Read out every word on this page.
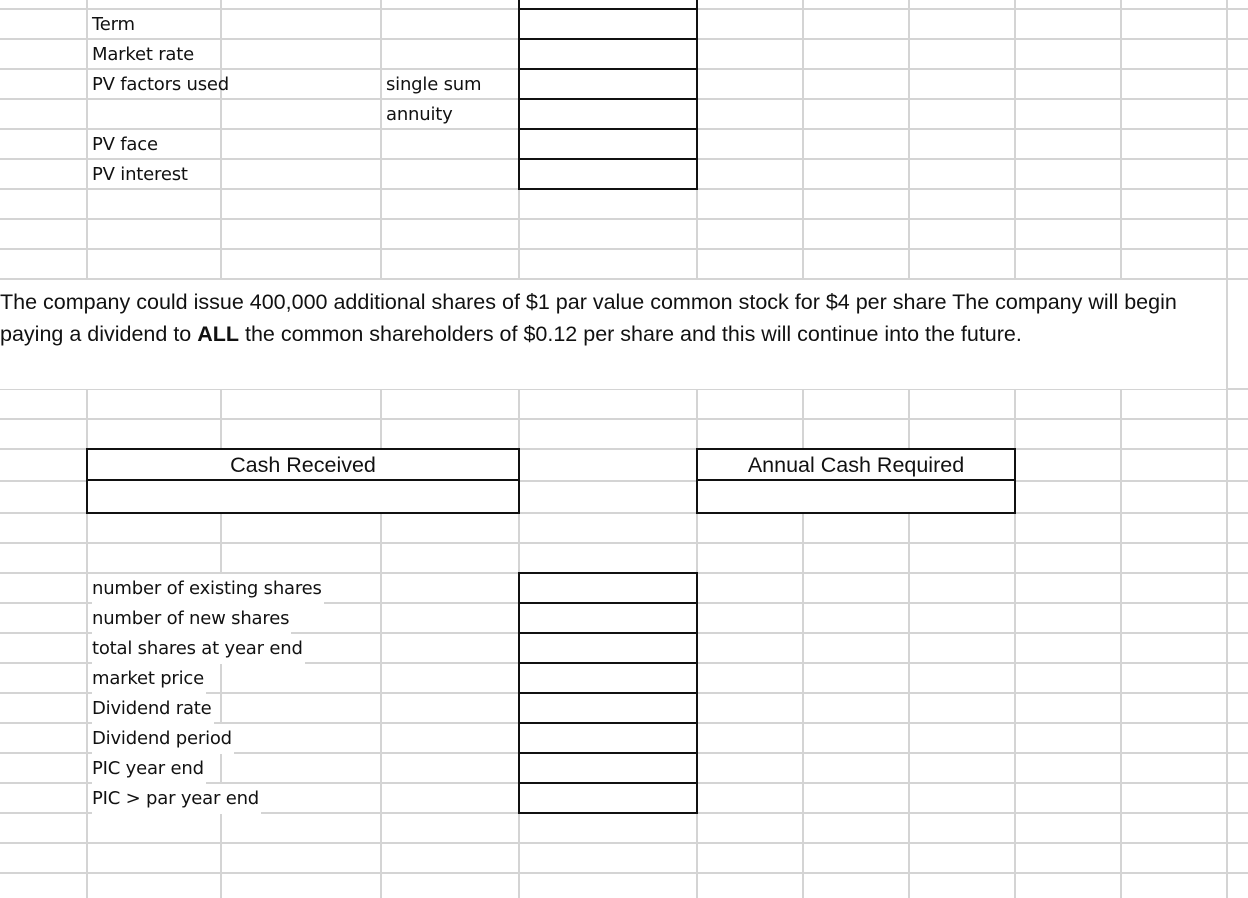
Term
Market rate
PV factors used	single sum
annuity
PV face
PV interest
The company could issue 400,000 additional shares of $1 par value common stock for $4 per share The company will begin paying a dividend to ALL the common shareholders of $0.12 per share and this will continue into the future.
Cash Received	Annual Cash Required
number of existing shares
number of new shares
total shares at year end
market price
Dividend rate
Dividend period
PIC year end
PIC > par year end
